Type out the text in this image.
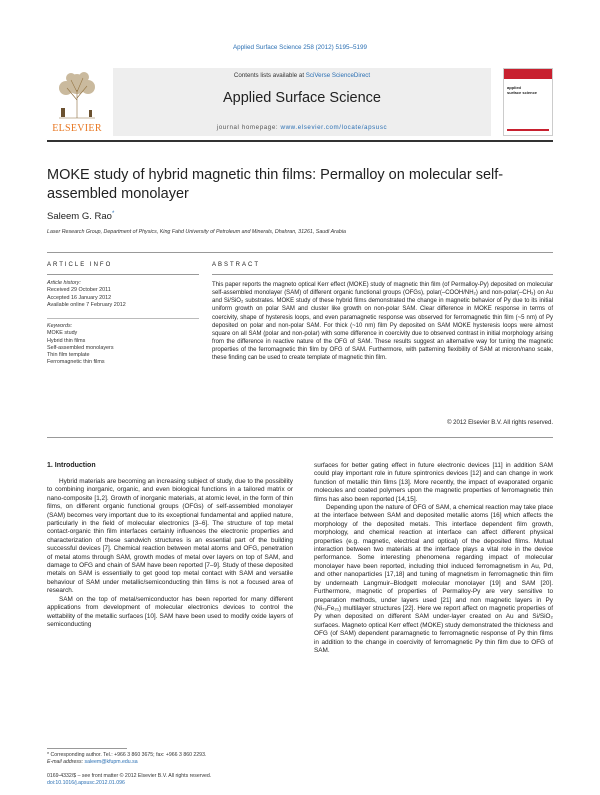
Applied Surface Science 258 (2012) 5195–5199
ELSEVIER
Contents lists available at SciVerse ScienceDirect
Applied Surface Science
journal homepage: www.elsevier.com/locate/apsusc
applied
surface science
MOKE study of hybrid magnetic thin films: Permalloy on molecular self-assembled monolayer
Saleem G. Rao*
Laser Research Group, Department of Physics, King Fahd University of Petroleum and Minerals, Dhahran, 31261, Saudi Arabia
ARTICLE INFO	ABSTRACT
Article history:
Received 29 October 2011
Accepted 16 January 2012
Available online 7 February 2012
Keywords:
MOKE study
Hybrid thin films
Self-assembled monolayers
Thin film template
Ferromagnetic thin films
This paper reports the magneto optical Kerr effect (MOKE) study of magnetic thin film (of Permalloy-Py) deposited on molecular self-assembled monolayer (SAM) of different organic functional groups (OFGs), polar(–COOH/NH₂) and non-polar(–CH₃) on Au and Si/SiO₂ substrates. MOKE study of these hybrid films demonstrated the change in magnetic behavior of Py due to its initial uniform growth on polar SAM and cluster like growth on non-polar SAM. Clear difference in MOKE response in terms of coercivity, shape of hysteresis loops, and even paramagnetic response was observed for ferromagnetic thin film (~5 nm) of Py deposited on polar and non-polar SAM. For thick (~10 nm) film Py deposited on SAM MOKE hysteresis loops were almost square on all SAM (polar and non-polar) with some difference in coercivity due to observed contrast in initial morphology arising from the difference in reactive nature of the OFG of SAM. These results suggest an alternative way for tuning the magnetic properties of the ferromagnetic thin film by OFG of SAM. Furthermore, with patterning flexibility of SAM at micron/nano scale, these finding can be used to create template of magnetic thin film.
© 2012 Elsevier B.V. All rights reserved.
1. Introduction

Hybrid materials are becoming an increasing subject of study, due to the possibility to combining inorganic, organic, and even biological functions in a tailored matrix or nano-composite [1,2]. Growth of inorganic materials, at atomic level, in the form of thin films, on different organic functional groups (OFGs) of self-assembled monolayer (SAM) becomes very important due to its exceptional fundamental and applied nature, particularly in the field of molecular electronics [3–6]. The structure of top metal contact-organic thin film interfaces certainly influences the electronic properties and characterization of these sandwich structures is an essential part of the building successful devices [7]. Chemical reaction between metal atoms and OFG, penetration of metal atoms through SAM, growth modes of metal over layers on top of SAM, and damage to OFG and chain of SAM have been reported [7–9]. Study of these deposited metals on SAM is essentially to get good top metal contact with SAM and versatile behaviour of SAM under metallic/semiconducting thin films is not a focused area of research.

SAM on the top of metal/semiconductor has been reported for many different applications from development of molecular electronics devices to control the wettability of the metallic surfaces [10]. SAM have been used to modify oxide layers of semiconducting

surfaces for better gating effect in future electronic devices [11] in addition SAM could play important role in future spintronics devices [12] and can change in work function of metallic thin films [13]. More recently, the impact of evaporated organic molecules and coated polymers upon the magnetic properties of ferromagnetic thin films has also been reported [14,15].

Depending upon the nature of OFG of SAM, a chemical reaction may take place at the interface between SAM and deposited metallic atoms [16] which affects the morphology of the deposited metals. This interface dependent film growth, morphology, and chemical reaction at interface can affect different physical properties (e.g. magnetic, electrical and optical) of the deposited films. Mutual interaction between two materials at the interface plays a vital role in the device performance. Some interesting phenomena regarding impact of molecular monolayer have been reported, including thiol induced ferromagnetism in Au, Pd, and other nanoparticles [17,18] and tuning of magnetism in ferromagnetic thin film by underneath Langmuir–Blodgett molecular monolayer [19] and SAM [20]. Furthermore, magnetic of properties of Permalloy-Py are very sensitive to preparation methods, under layers used [21] and non magnetic layers in Py (Ni₇₉Fe₂₁) multilayer structures [22]. Here we report affect on magnetic properties of Py when deposited on different SAM under-layer created on Au and Si/SiO₂ surfaces. Magneto optical Kerr effect (MOKE) study demonstrated the thickness and OFG (of SAM) dependent paramagnetic to ferromagnetic response of Py thin films in addition to the change in coercivity of ferromagnetic Py thin film due to OFG of SAM.

* Corresponding author. Tel.: +966 3 860 3675; fax: +966 3 860 2293.
E-mail address: saleem@kfupm.edu.sa
0169-4332/$ – see front matter © 2012 Elsevier B.V. All rights reserved.
doi:10.1016/j.apsusc.2012.01.096
